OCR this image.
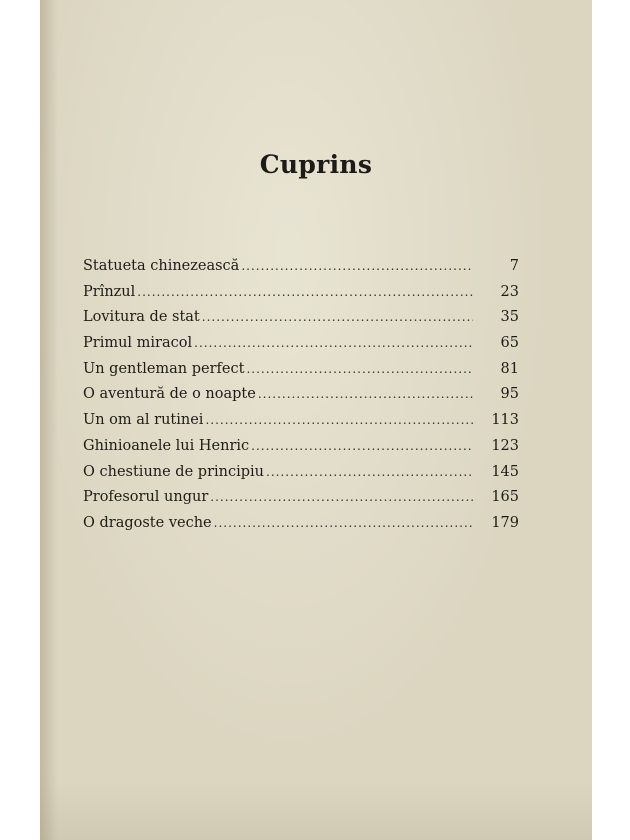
Cuprins
Statueta chinezească .....	7
Prînzul .....	23
Lovitura de stat .....	35
Primul miracol .....	65
Un gentleman perfect .....	81
O aventură de o noapte .....	95
Un om al rutinei .....	113
Ghinioanele lui Henric .....	123
O chestiune de principiu .....	145
Profesorul ungur .....	165
O dragoste veche .....	179
